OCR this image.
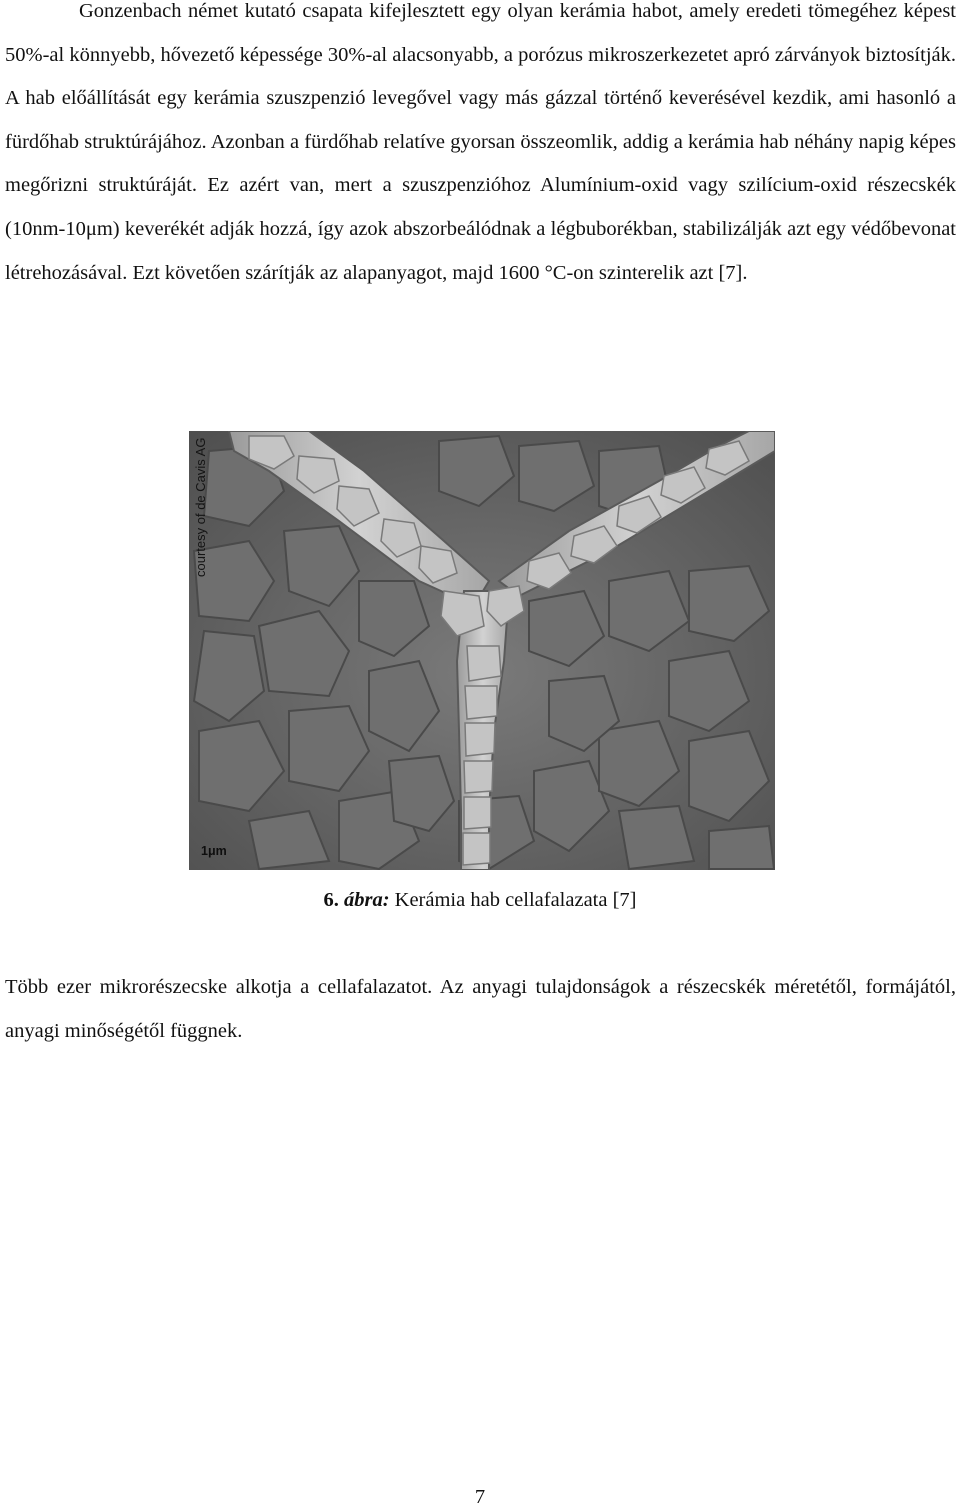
Gonzenbach német kutató csapata kifejlesztett egy olyan kerámia habot, amely eredeti tömegéhez képest 50%-al könnyebb, hővezető képessége 30%-al alacsonyabb, a porózus mikroszerkezetet apró zárványok biztosítják. A hab előállítását egy kerámia szuszpenzió levegővel vagy más gázzal történő keverésével kezdik, ami hasonló a fürdőhab struktúrájához. Azonban a fürdőhab relatíve gyorsan összeomlik, addig a kerámia hab néhány napig képes megőrizni struktúráját. Ez azért van, mert a szuszpenzióhoz Alumínium-oxid vagy szilícium-oxid részecskék (10nm-10μm) keverékét adják hozzá, így azok abszorbeálódnak a légbuborékban, stabilizálják azt egy védőbevonat létrehozásával. Ezt követően szárítják az alapanyagot, majd 1600 °C-on szinterelik azt [7].

courtesy of de Cavis AG
1μm

6. ábra: Kerámia hab cellafalazata [7]

Több ezer mikrorészecske alkotja a cellafalazatot. Az anyagi tulajdonságok a részecskék méretétől, formájától, anyagi minőségétől függnek.

7
